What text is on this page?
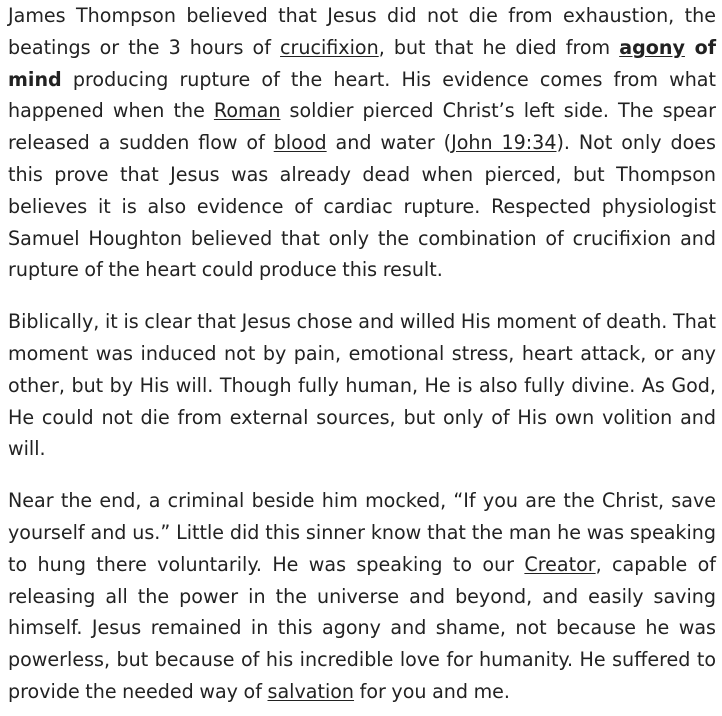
James Thompson believed that Jesus did not die from exhaustion, the beatings or the 3 hours of crucifixion, but that he died from agony of mind producing rupture of the heart. His evidence comes from what happened when the Roman soldier pierced Christ’s left side. The spear released a sudden flow of blood and water (John 19:34). Not only does this prove that Jesus was already dead when pierced, but Thompson believes it is also evidence of cardiac rupture. Respected physiologist Samuel Houghton believed that only the combination of crucifixion and rupture of the heart could produce this result.

Biblically, it is clear that Jesus chose and willed His moment of death. That moment was induced not by pain, emotional stress, heart attack, or any other, but by His will. Though fully human, He is also fully divine. As God, He could not die from external sources, but only of His own volition and will.

Near the end, a criminal beside him mocked, “If you are the Christ, save yourself and us.” Little did this sinner know that the man he was speaking to hung there voluntarily. He was speaking to our Creator, capable of releasing all the power in the universe and beyond, and easily saving himself. Jesus remained in this agony and shame, not because he was powerless, but because of his incredible love for humanity. He suffered to provide the needed way of salvation for you and me.
